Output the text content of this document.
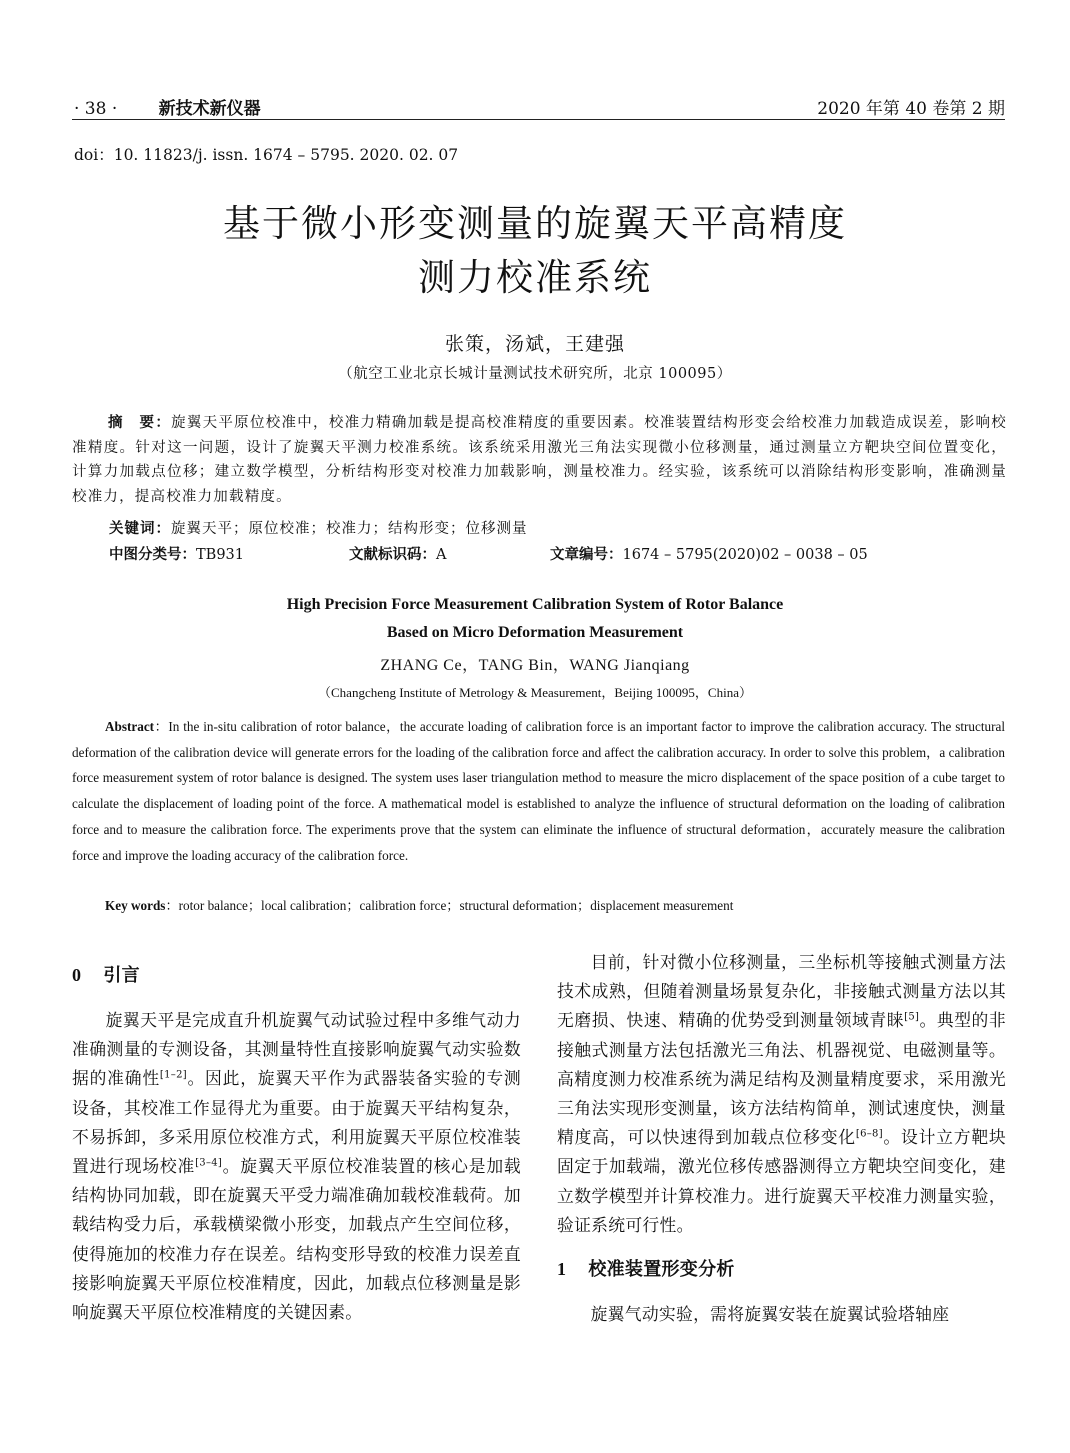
· 38 · 新技术新仪器	2020 年第 40 卷第 2 期
doi：10. 11823/j. issn. 1674 – 5795. 2020. 02. 07
基于微小形变测量的旋翼天平高精度
测力校准系统
张策，汤斌，王建强
（航空工业北京长城计量测试技术研究所，北京 100095）
摘　要：旋翼天平原位校准中，校准力精确加载是提高校准精度的重要因素。校准装置结构形变会给校准力加载造成误差，影响校准精度。针对这一问题，设计了旋翼天平测力校准系统。该系统采用激光三角法实现微小位移测量，通过测量立方靶块空间位置变化，计算力加载点位移；建立数学模型，分析结构形变对校准力加载影响，测量校准力。经实验，该系统可以消除结构形变影响，准确测量校准力，提高校准力加载精度。
关键词：旋翼天平；原位校准；校准力；结构形变；位移测量
中图分类号：TB931	文献标识码：A	文章编号：1674 – 5795(2020)02 – 0038 – 05
High Precision Force Measurement Calibration System of Rotor Balance
Based on Micro Deformation Measurement
ZHANG Ce，TANG Bin，WANG Jianqiang
（Changcheng Institute of Metrology & Measurement，Beijing 100095，China）
Abstract：In the in-situ calibration of rotor balance，the accurate loading of calibration force is an important factor to improve the calibration accuracy. The structural deformation of the calibration device will generate errors for the loading of the calibration force and affect the calibration accuracy. In order to solve this problem，a calibration force measurement system of rotor balance is designed. The system uses laser triangulation method to measure the micro displacement of the space position of a cube target to calculate the displacement of loading point of the force. A mathematical model is established to analyze the influence of structural deformation on the loading of calibration force and to measure the calibration force. The experiments prove that the system can eliminate the influence of structural deformation，accurately measure the calibration force and improve the loading accuracy of the calibration force.
Key words：rotor balance；local calibration；calibration force；structural deformation；displacement measurement
0 引言

旋翼天平是完成直升机旋翼气动试验过程中多维气动力准确测量的专测设备，其测量特性直接影响旋翼气动实验数据的准确性[1–2]。因此，旋翼天平作为武器装备实验的专测设备，其校准工作显得尤为重要。由于旋翼天平结构复杂，不易拆卸，多采用原位校准方式，利用旋翼天平原位校准装置进行现场校准[3–4]。旋翼天平原位校准装置的核心是加载结构协同加载，即在旋翼天平受力端准确加载校准载荷。加载结构受力后，承载横梁微小形变，加载点产生空间位移，使得施加的校准力存在误差。结构变形导致的校准力误差直接影响旋翼天平原位校准精度，因此，加载点位移测量是影响旋翼天平原位校准精度的关键因素。

目前，针对微小位移测量，三坐标机等接触式测量方法技术成熟，但随着测量场景复杂化，非接触式测量方法以其无磨损、快速、精确的优势受到测量领域青睐[5]。典型的非接触式测量方法包括激光三角法、机器视觉、电磁测量等。高精度测力校准系统为满足结构及测量精度要求，采用激光三角法实现形变测量，该方法结构简单，测试速度快，测量精度高，可以快速得到加载点位移变化[6–8]。设计立方靶块固定于加载端，激光位移传感器测得立方靶块空间变化，建立数学模型并计算校准力。进行旋翼天平校准力测量实验，验证系统可行性。

1 校准装置形变分析

旋翼气动实验，需将旋翼安装在旋翼试验塔轴座
